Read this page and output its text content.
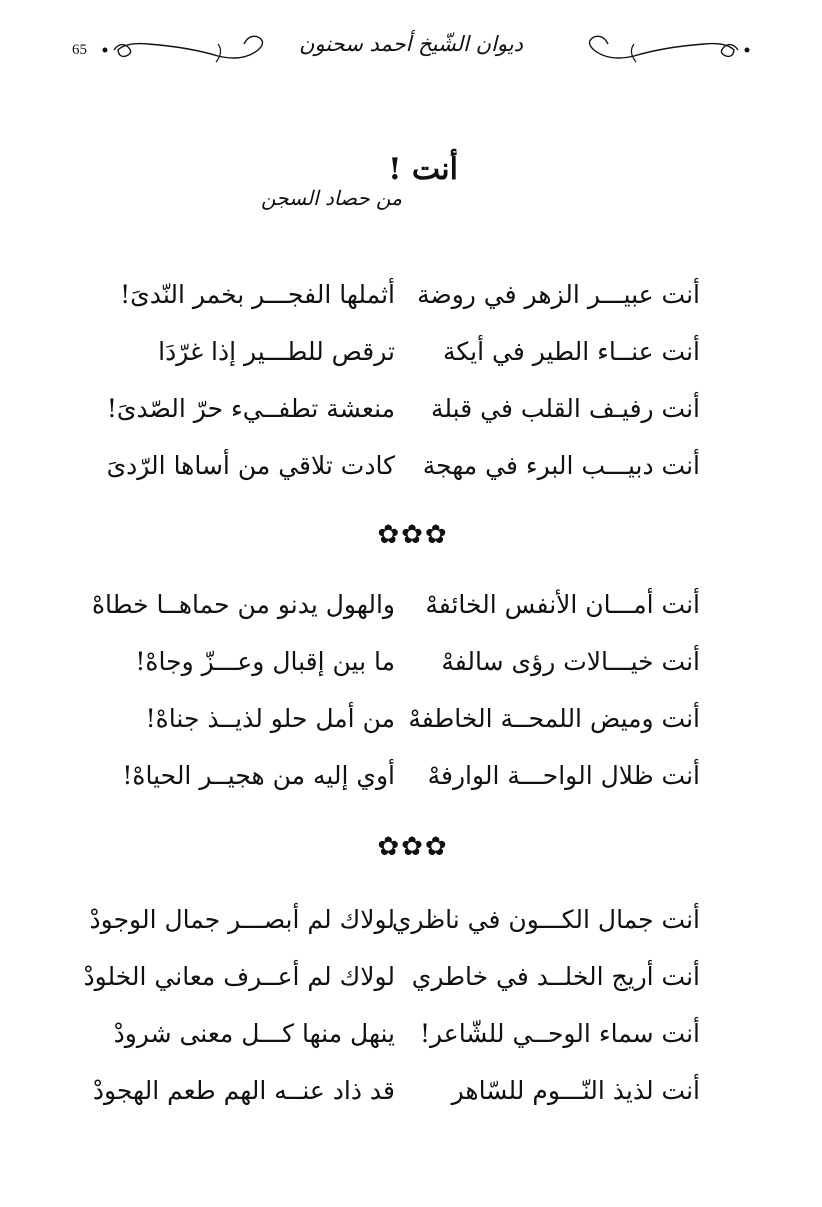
65	ديوان الشّيخ أحمد سحنون
أنت !
من حصاد السجن
أنت عبيـــر الزهر في روضة
أثملها الفجـــر بخمر النّدىَ!
أنت عنــاء الطير في أيكة
ترقص للطـــير إذا غرّدَا
أنت رفيـف القلب في قبلة
منعشة تطفــيء حرّ الصّدىَ!
أنت دبيـــب البرء في مهجة
كادت تلاقي من أساها الرّدىَ
✿✿✿
أنت أمـــان الأنفس الخائفهْ
والهول يدنو من حماهــا خطاهْ
أنت خيـــالات رؤى سالفهْ
ما بين إقبال وعـــزّ وجاهْ!
أنت وميض اللمحــة الخاطفهْ
من أمل حلو لذيــذ جناهْ!
أنت ظلال الواحـــة الوارفهْ
أوي إليه من هجيــر الحياهْ!
✿✿✿
أنت جمال الكـــون في ناظري
لولاك لم أبصـــر جمال الوجودْ
أنت أريج الخلــد في خاطري
لولاك لم أعــرف معاني الخلودْ
أنت سماء الوحــي للشّاعر!
ينهل منها كـــل معنى شرودْ
أنت لذيذ النّـــوم للسّاهر
قد ذاد عنــه الهم طعم الهجودْ
